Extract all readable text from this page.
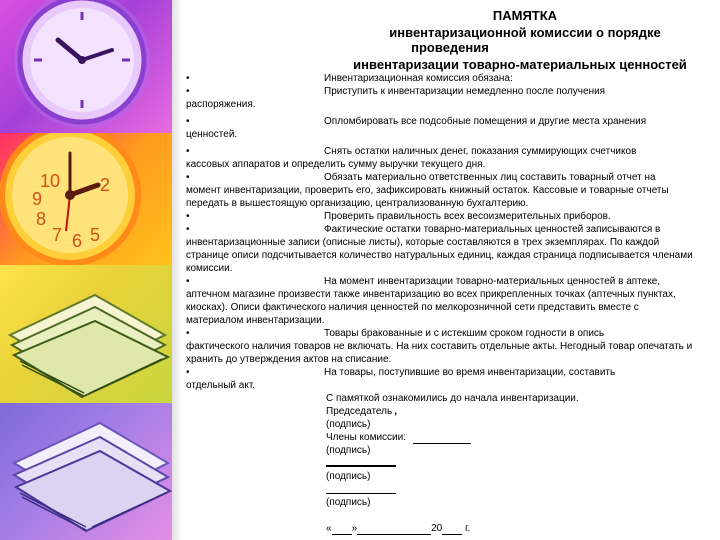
10
9
8
7 6 5
2
ПАМЯТКА
инвентаризационной комиссии о порядке
проведения
инвентаризации товарно-материальных ценностей
•	Инвентаризационная комиссия обязана:
•	Приступить к инвентаризации немедленно после получения
распоряжения.
•	Опломбировать все подсобные помещения и другие места хранения
ценностей.
•	Снять остатки наличных денег, показания суммирующих счетчиков
кассовых аппаратов и определить сумму выручки текущего дня.
•	Обязать материально ответственных лиц составить товарный отчет на
момент инвентаризации, проверить его, зафиксировать книжный остаток. Кассовые и товарные отчеты передать в вышестоящую организацию, централизованную бухгалтерию.
•	Проверить правильность всех весоизмерительных приборов.
•	Фактические остатки товарно-материальных ценностей записываются в
инвентаризационные записи (описные листы), которые составляются в трех экземплярах. По каждой странице описи подсчитывается количество натуральных единиц, каждая страница подписывается членами комиссии.
•	На момент инвентаризации товарно-материальных ценностей в аптеке,
аптечном магазине произвести также инвентаризацию во всех прикрепленных точках (аптечных пунктах, киосках). Описи фактического наличия ценностей по мелкорозничной сети представить вместе с материалом инвентаризации.
•	Товары бракованные и с истекшим сроком годности в опись
фактического наличия товаров не включать. На них составить отдельные акты. Негодный товар опечатать и хранить до утверждения актов на списание.
•	На товары, поступившие во время инвентаризации, составить
отдельный акт.
С памяткой ознакомились до начала инвентаризации.
Председатель ,
(подпись)
Члены комиссии:
(подпись)
(подпись)
(подпись)
« »	20 г.
